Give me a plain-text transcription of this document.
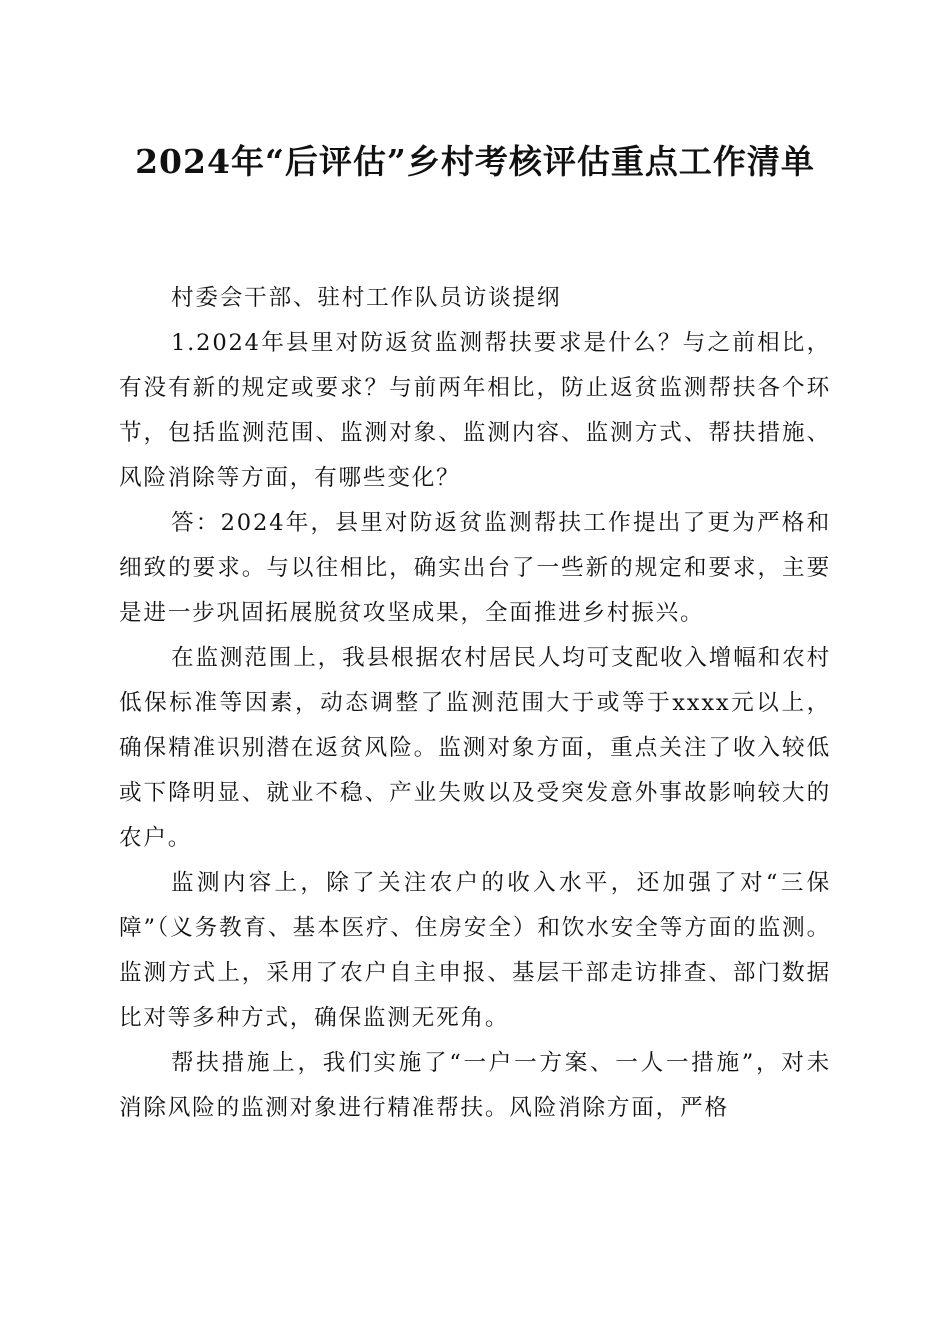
2024年“后评估”乡村考核评估重点工作清单

村委会干部、驻村工作队员访谈提纲

1.2024年县里对防返贫监测帮扶要求是什么？与之前相比，有没有新的规定或要求？与前两年相比，防止返贫监测帮扶各个环节，包括监测范围、监测对象、监测内容、监测方式、帮扶措施、风险消除等方面，有哪些变化？

答：2024年，县里对防返贫监测帮扶工作提出了更为严格和细致的要求。与以往相比，确实出台了一些新的规定和要求，主要是进一步巩固拓展脱贫攻坚成果，全面推进乡村振兴。

在监测范围上，我县根据农村居民人均可支配收入增幅和农村低保标准等因素，动态调整了监测范围大于或等于xxxx元以上，确保精准识别潜在返贫风险。监测对象方面，重点关注了收入较低或下降明显、就业不稳、产业失败以及受突发意外事故影响较大的农户。

监测内容上，除了关注农户的收入水平，还加强了对“三保障”（义务教育、基本医疗、住房安全）和饮水安全等方面的监测。监测方式上，采用了农户自主申报、基层干部走访排查、部门数据比对等多种方式，确保监测无死角。

帮扶措施上，我们实施了“一户一方案、一人一措施”，对未消除风险的监测对象进行精准帮扶。风险消除方面，严格
